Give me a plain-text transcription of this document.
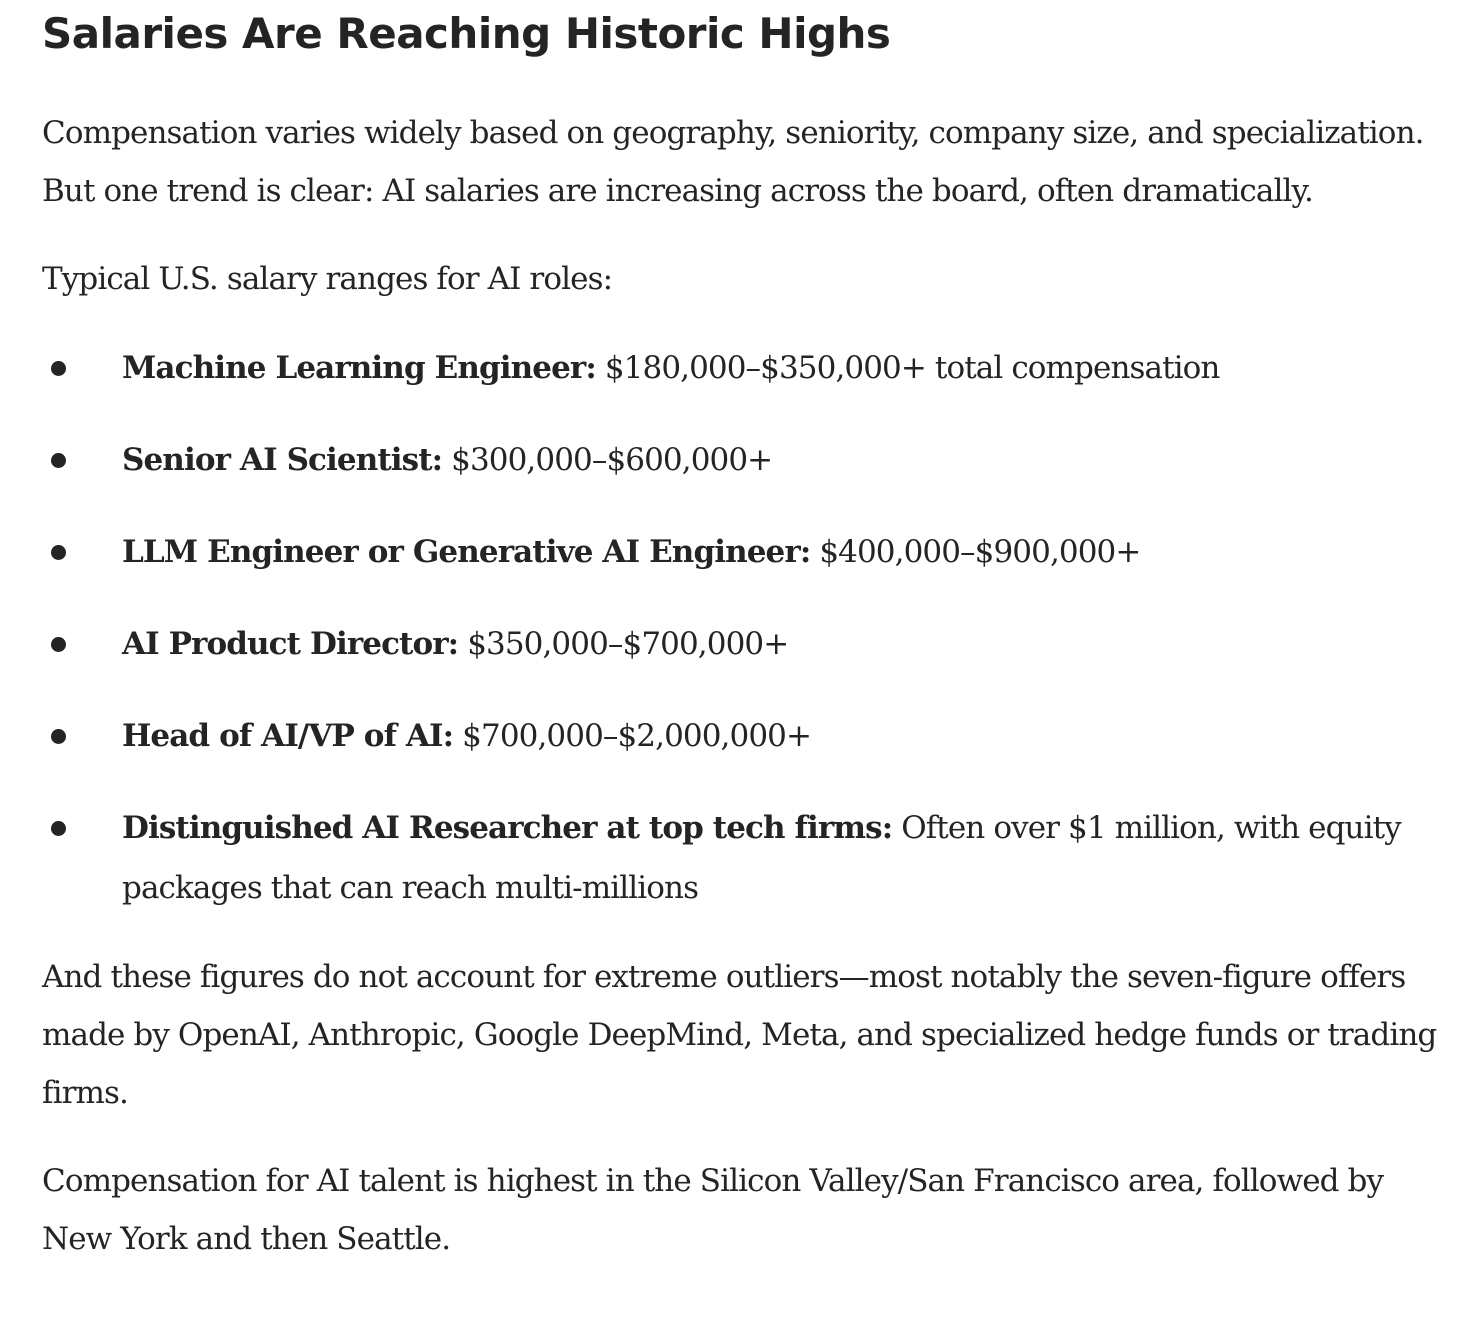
Salaries Are Reaching Historic Highs

Compensation varies widely based on geography, seniority, company size, and specialization. But one trend is clear: AI salaries are increasing across the board, often dramatically.

Typical U.S. salary ranges for AI roles:

Machine Learning Engineer: $180,000–$350,000+ total compensation
Senior AI Scientist: $300,000–$600,000+
LLM Engineer or Generative AI Engineer: $400,000–$900,000+
AI Product Director: $350,000–$700,000+
Head of AI/VP of AI: $700,000–$2,000,000+
Distinguished AI Researcher at top tech firms: Often over $1 million, with equity packages that can reach multi-millions

And these figures do not account for extreme outliers—most notably the seven-figure offers made by OpenAI, Anthropic, Google DeepMind, Meta, and specialized hedge funds or trading firms.

Compensation for AI talent is highest in the Silicon Valley/San Francisco area, followed by New York and then Seattle.
